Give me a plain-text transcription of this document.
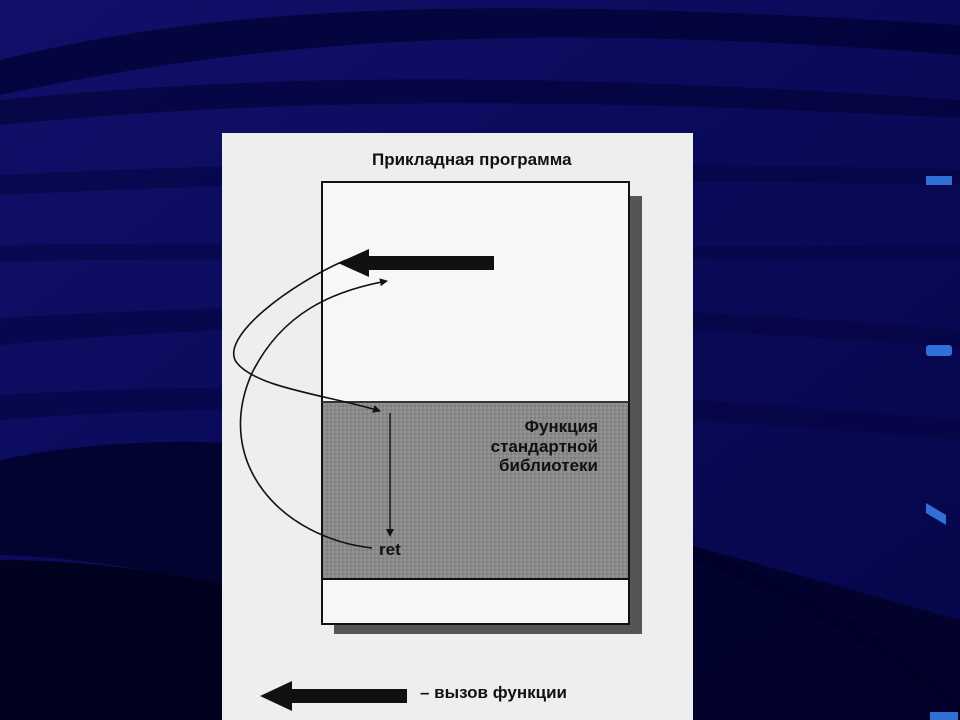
Прикладная программа
Функция
стандартной
библиотеки
ret
– вызов функции
